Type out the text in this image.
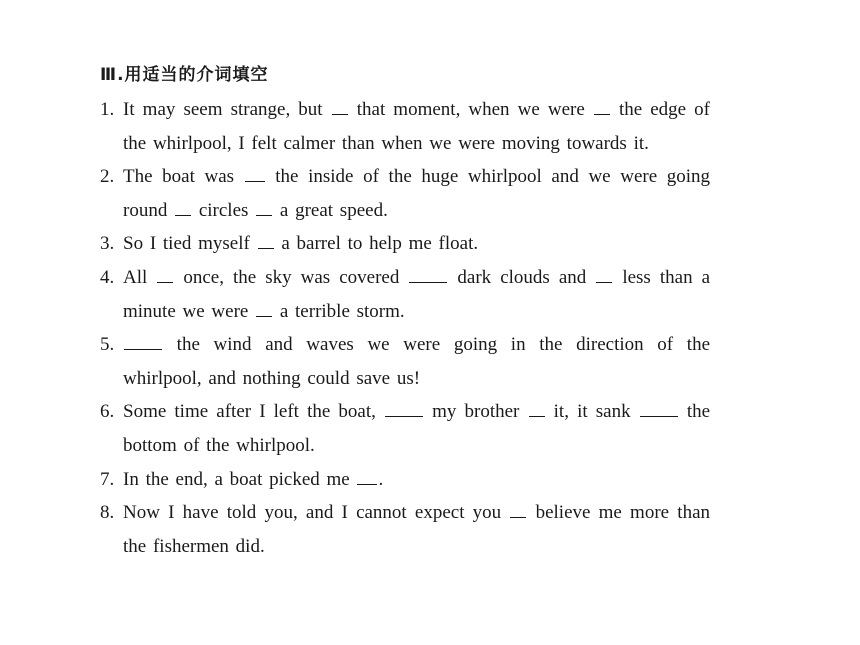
Ⅲ.用适当的介词填空
1. It may seem strange, but that moment, when we were the edge of the whirlpool, I felt calmer than when we were moving towards it.
2. The boat was the inside of the huge whirlpool and we were going round circles a great speed.
3. So I tied myself a barrel to help me float.
4. All once, the sky was covered	dark clouds and less than a minute we were a terrible storm.
5.	the wind and waves we were going in the direction of the whirlpool, and nothing could save us!
6. Some time after I left the boat,	my brother it, it sank	the bottom of the whirlpool.
7. In the end, a boat picked me .
8. Now I have told you, and I cannot expect you believe me more than the fishermen did.
